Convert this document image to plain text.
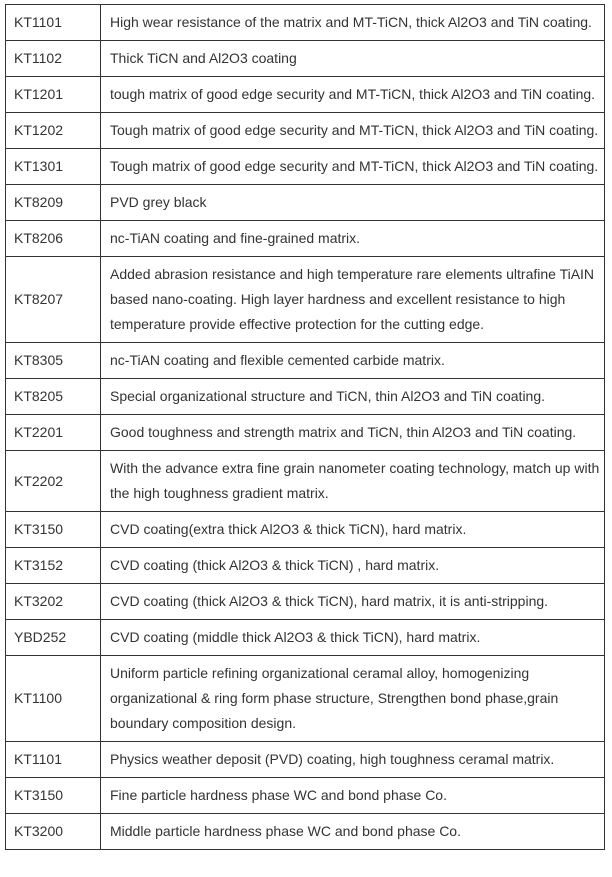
KT1101	High wear resistance of the matrix and MT-TiCN, thick Al2O3 and TiN coating.
KT1102	Thick TiCN and Al2O3 coating
KT1201	tough matrix of good edge security and MT-TiCN, thick Al2O3 and TiN coating.
KT1202	Tough matrix of good edge security and MT-TiCN, thick Al2O3 and TiN coating.
KT1301	Tough matrix of good edge security and MT-TiCN, thick Al2O3 and TiN coating.
KT8209	PVD grey black
KT8206	nc-TiAN coating and fine-grained matrix.
KT8207	Added abrasion resistance and high temperature rare elements ultrafine TiAIN based nano-coating. High layer hardness and excellent resistance to high temperature provide effective protection for the cutting edge.
KT8305	nc-TiAN coating and flexible cemented carbide matrix.
KT8205	Special organizational structure and TiCN, thin Al2O3 and TiN coating.
KT2201	Good toughness and strength matrix and TiCN, thin Al2O3 and TiN coating.
KT2202	With the advance extra fine grain nanometer coating technology, match up with the high toughness gradient matrix.
KT3150	CVD coating(extra thick Al2O3 & thick TiCN), hard matrix.
KT3152	CVD coating (thick Al2O3 & thick TiCN) , hard matrix.
KT3202	CVD coating (thick Al2O3 & thick TiCN), hard matrix, it is anti-stripping.
YBD252	CVD coating (middle thick Al2O3 & thick TiCN), hard matrix.
KT1100	Uniform particle refining organizational ceramal alloy, homogenizing organizational & ring form phase structure, Strengthen bond phase,grain boundary composition design.
KT1101	Physics weather deposit (PVD) coating, high toughness ceramal matrix.
KT3150	Fine particle hardness phase WC and bond phase Co.
KT3200	Middle particle hardness phase WC and bond phase Co.
